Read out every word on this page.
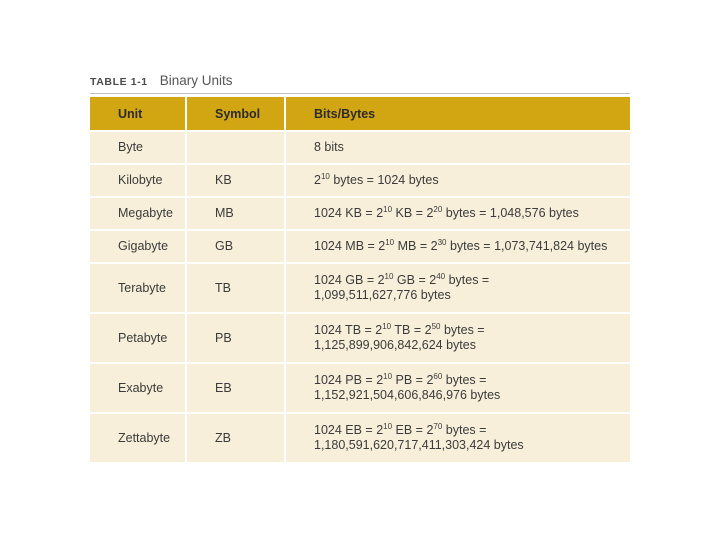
TABLE 1-1 Binary Units
Unit	Symbol	Bits/Bytes
Byte		8 bits

Kilobyte	KB	$2^{10}$ bytes = 1024 bytes

Megabyte	MB	1024 KB = $2^{10}$ KB = $2^{20}$ bytes = 1,048,576 bytes

Gigabyte	GB	1024 MB = $2^{10}$ MB = $2^{30}$ bytes = 1,073,741,824 bytes

Terabyte	TB	1024 GB = $2^{10}$ GB = $2^{40}$ bytes =
1,099,511,627,776 bytes

Petabyte	PB	1024 TB = $2^{10}$ TB = $2^{50}$ bytes =
1,125,899,906,842,624 bytes

Exabyte	EB	1024 PB = $2^{10}$ PB = $2^{60}$ bytes =
1,152,921,504,606,846,976 bytes

Zettabyte	ZB	1024 EB = $2^{10}$ EB = $2^{70}$ bytes =
1,180,591,620,717,411,303,424 bytes
